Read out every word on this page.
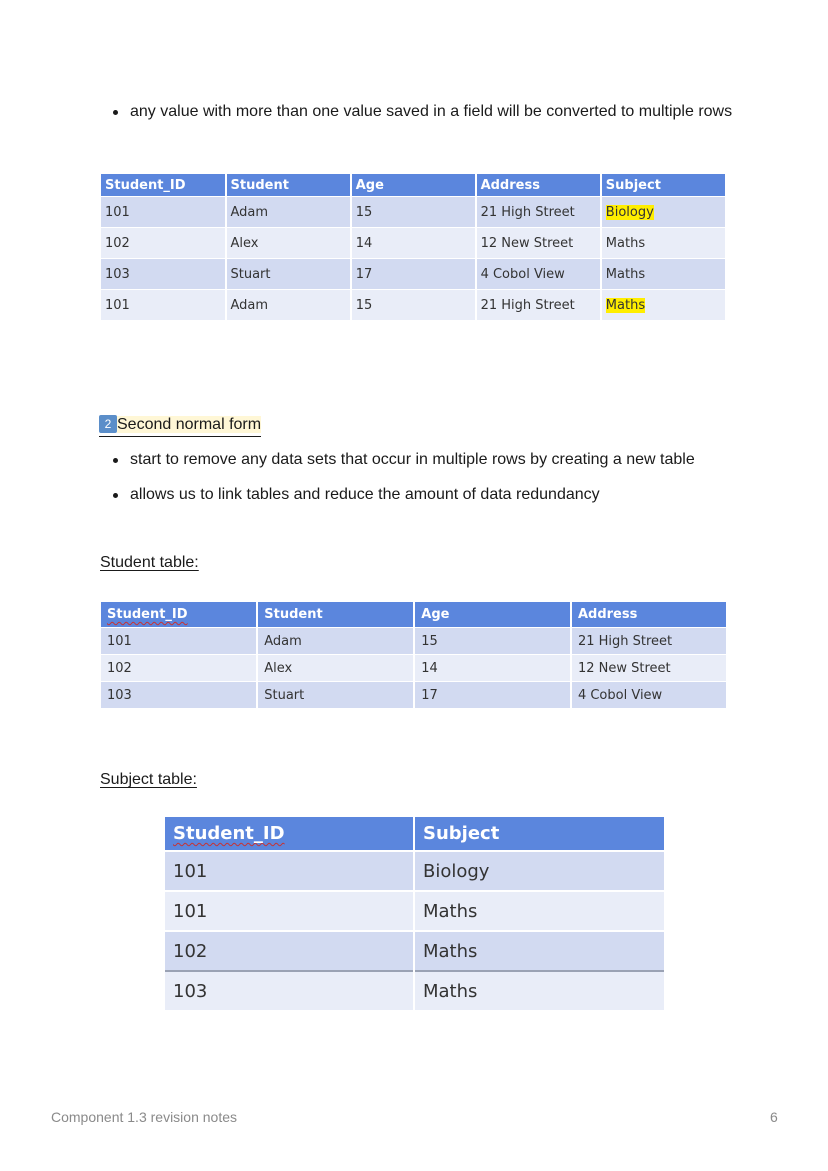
any value with more than one value saved in a field will be converted to multiple rows
Student_ID	Student	Age	Address	Subject
101	Adam	15	21 High Street	Biology
102	Alex	14	12 New Street	Maths
103	Stuart	17	4 Cobol View	Maths
101	Adam	15	21 High Street	Maths
2 Second normal form
start to remove any data sets that occur in multiple rows by creating a new table
allows us to link tables and reduce the amount of data redundancy
Student table:
Student_ID	Student	Age	Address
101	Adam	15	21 High Street
102	Alex	14	12 New Street
103	Stuart	17	4 Cobol View
Subject table:
Student_ID	Subject
101	Biology
101	Maths
102	Maths
103	Maths
Component 1.3 revision notes	6
